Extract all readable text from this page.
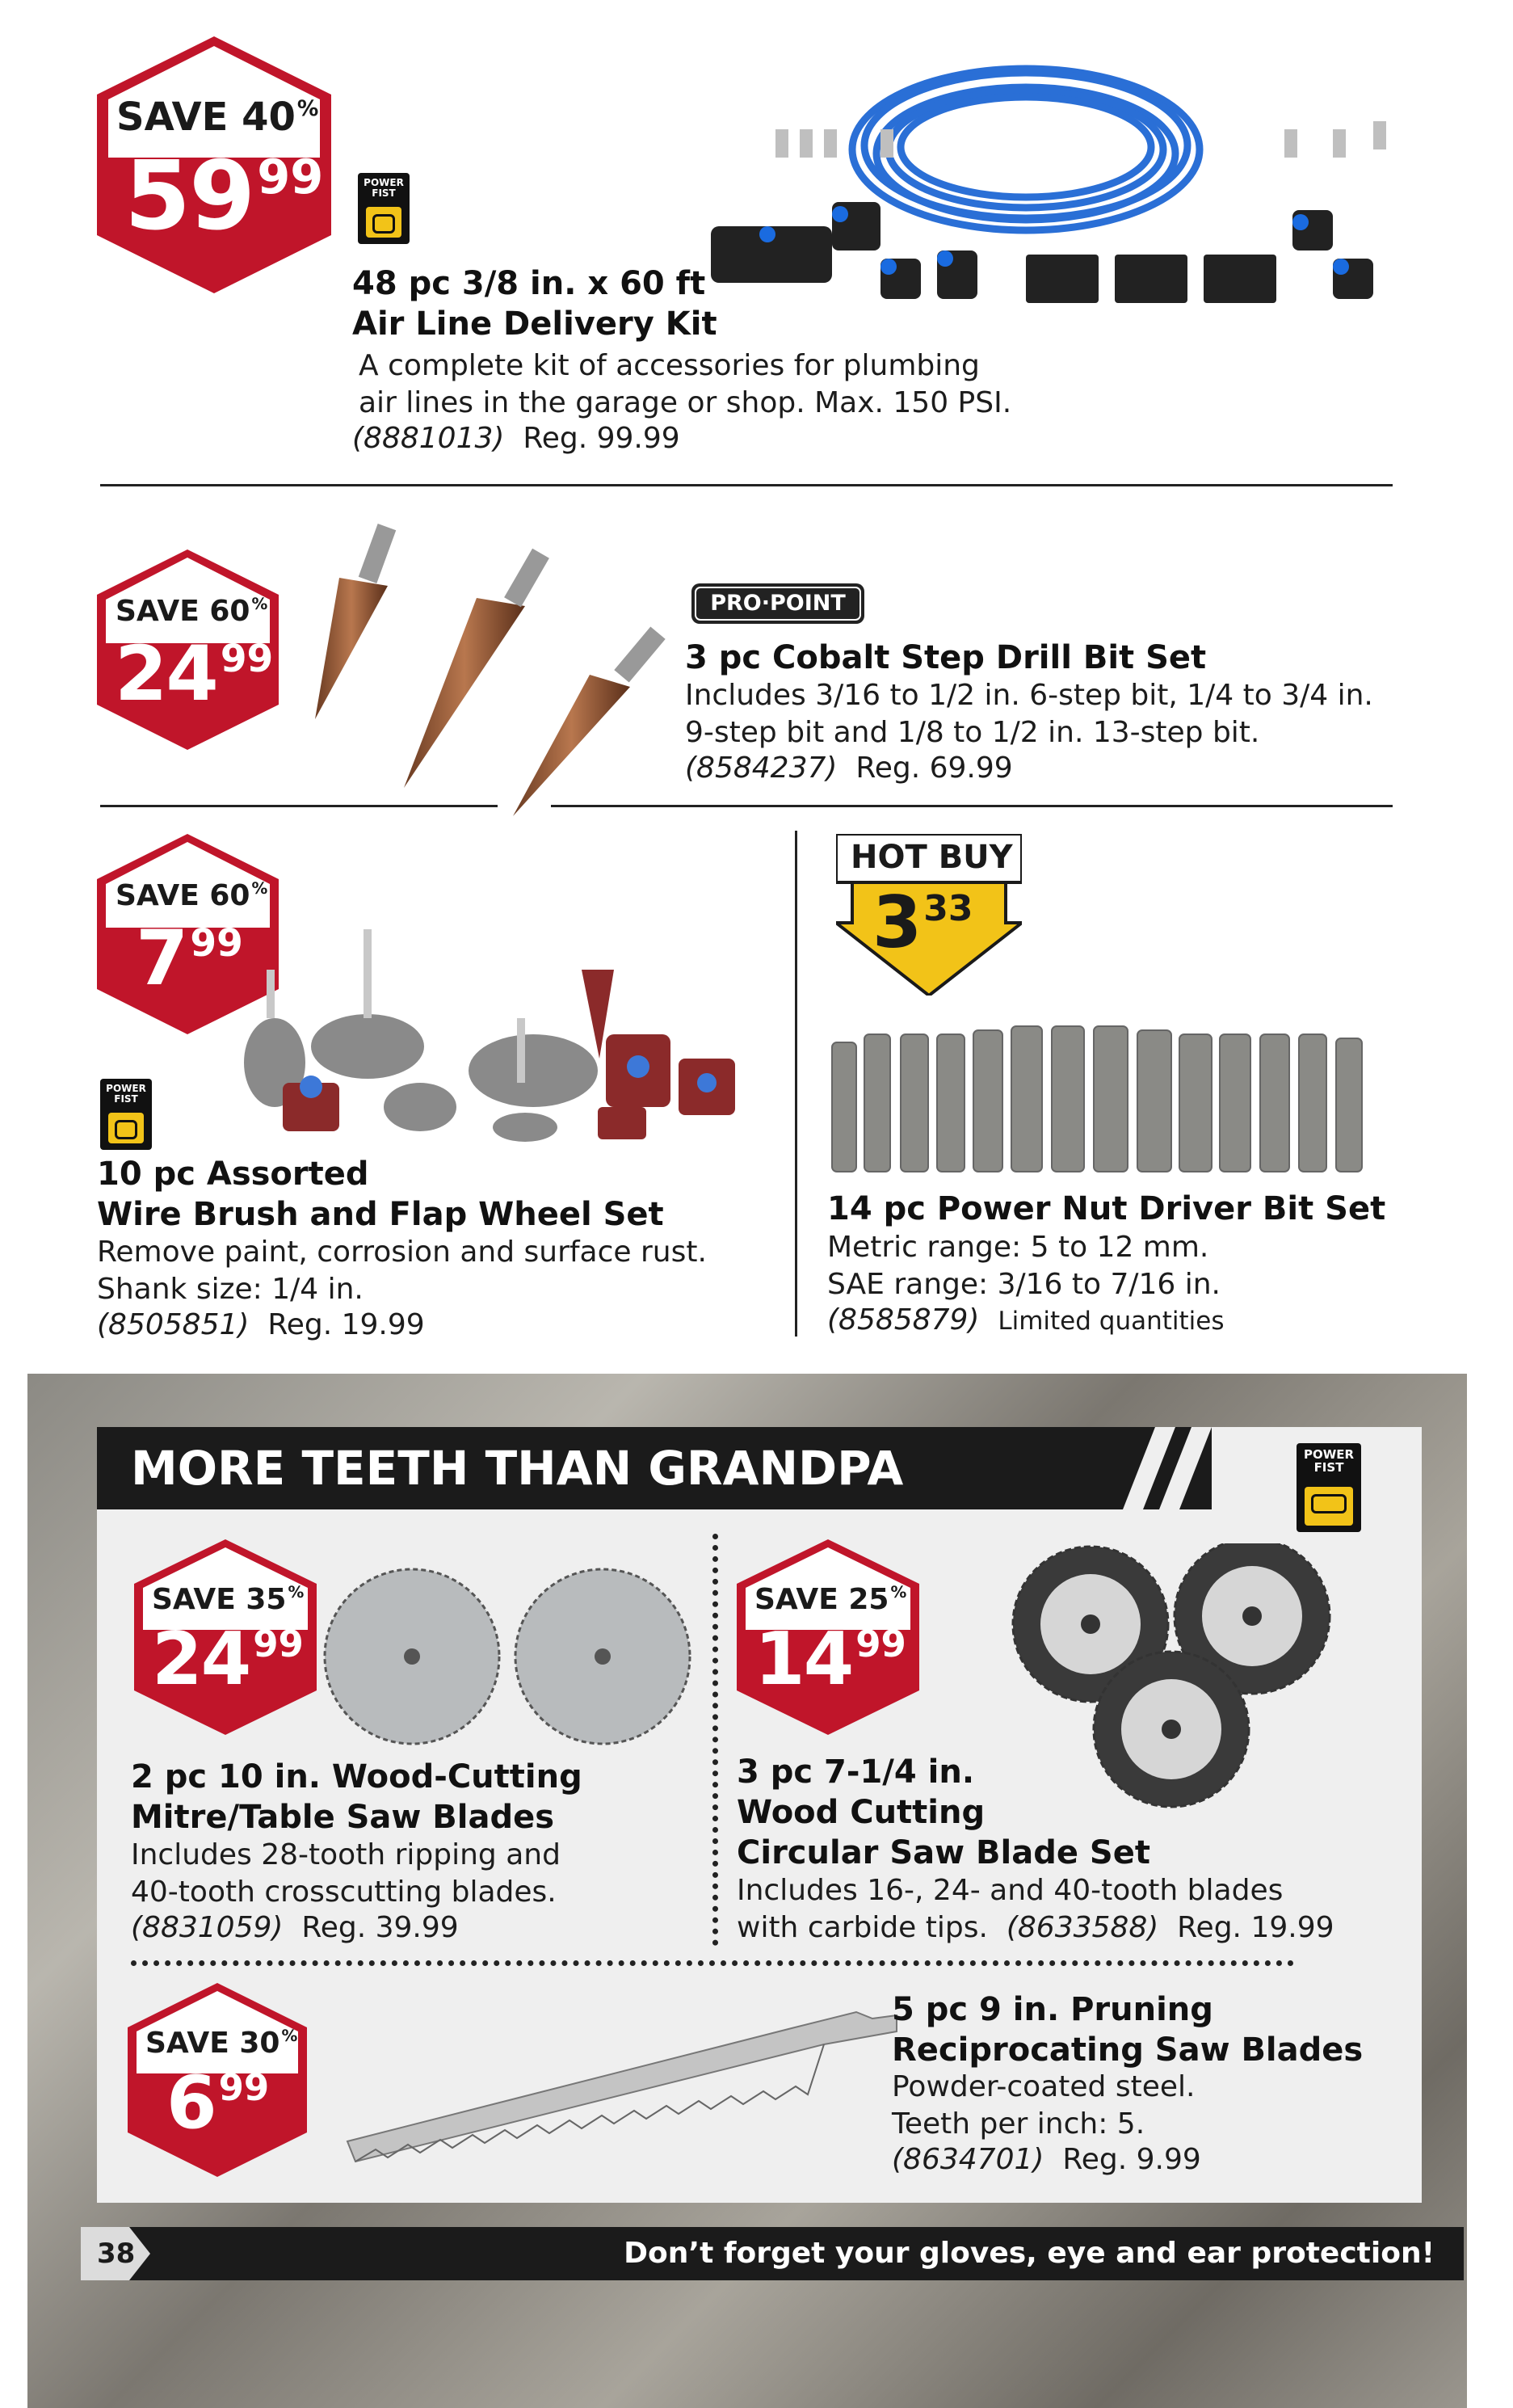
SAVE 40%
$59^{99}$	POWER FIST
48 pc 3/8 in. x 60 ft
Air Line Delivery Kit
A complete kit of accessories for plumbing
air lines in the garage or shop. Max. 150 PSI.
(8881013) Reg. 99.99
SAVE 60 %
$24^{99}$
PRO·POINT
3 pc Cobalt Step Drill Bit Set
Includes 3/16 to 1/2 in. 6-step bit, 1/4 to 3/4 in.
9-step bit and 1/8 to 1/2 in. 13-step bit.
(8584237) Reg. 69.99
SAVE 60 %
$7^{99}$
POWER FIST
10 pc Assorted
Wire Brush and Flap Wheel Set
Remove paint, corrosion and surface rust.
Shank size: 1/4 in.
(8505851) Reg. 19.99
HOT BUY
$3^{33}$
14 pc Power Nut Driver Bit Set
Metric range: 5 to 12 mm.
SAE range: 3/16 to 7/16 in.
(8585879) Limited quantities
MORE TEETH THAN GRANDPA	POWER FIST
SAVE 35 %
$24^{99}$
2 pc 10 in. Wood-Cutting
Mitre/Table Saw Blades
Includes 28-tooth ripping and
40-tooth crosscutting blades.
(8831059) Reg. 39.99
SAVE 25 %
$14^{99}$
3 pc 7-1/4 in.
Wood Cutting
Circular Saw Blade Set
Includes 16-, 24- and 40-tooth blades
with carbide tips. (8633588) Reg. 19.99
SAVE 30 %
$6^{99}$
5 pc 9 in. Pruning
Reciprocating Saw Blades
Powder-coated steel.
Teeth per inch: 5.
(8634701) Reg. 9.99
Don’t forget your gloves, eye and ear protection!
38
